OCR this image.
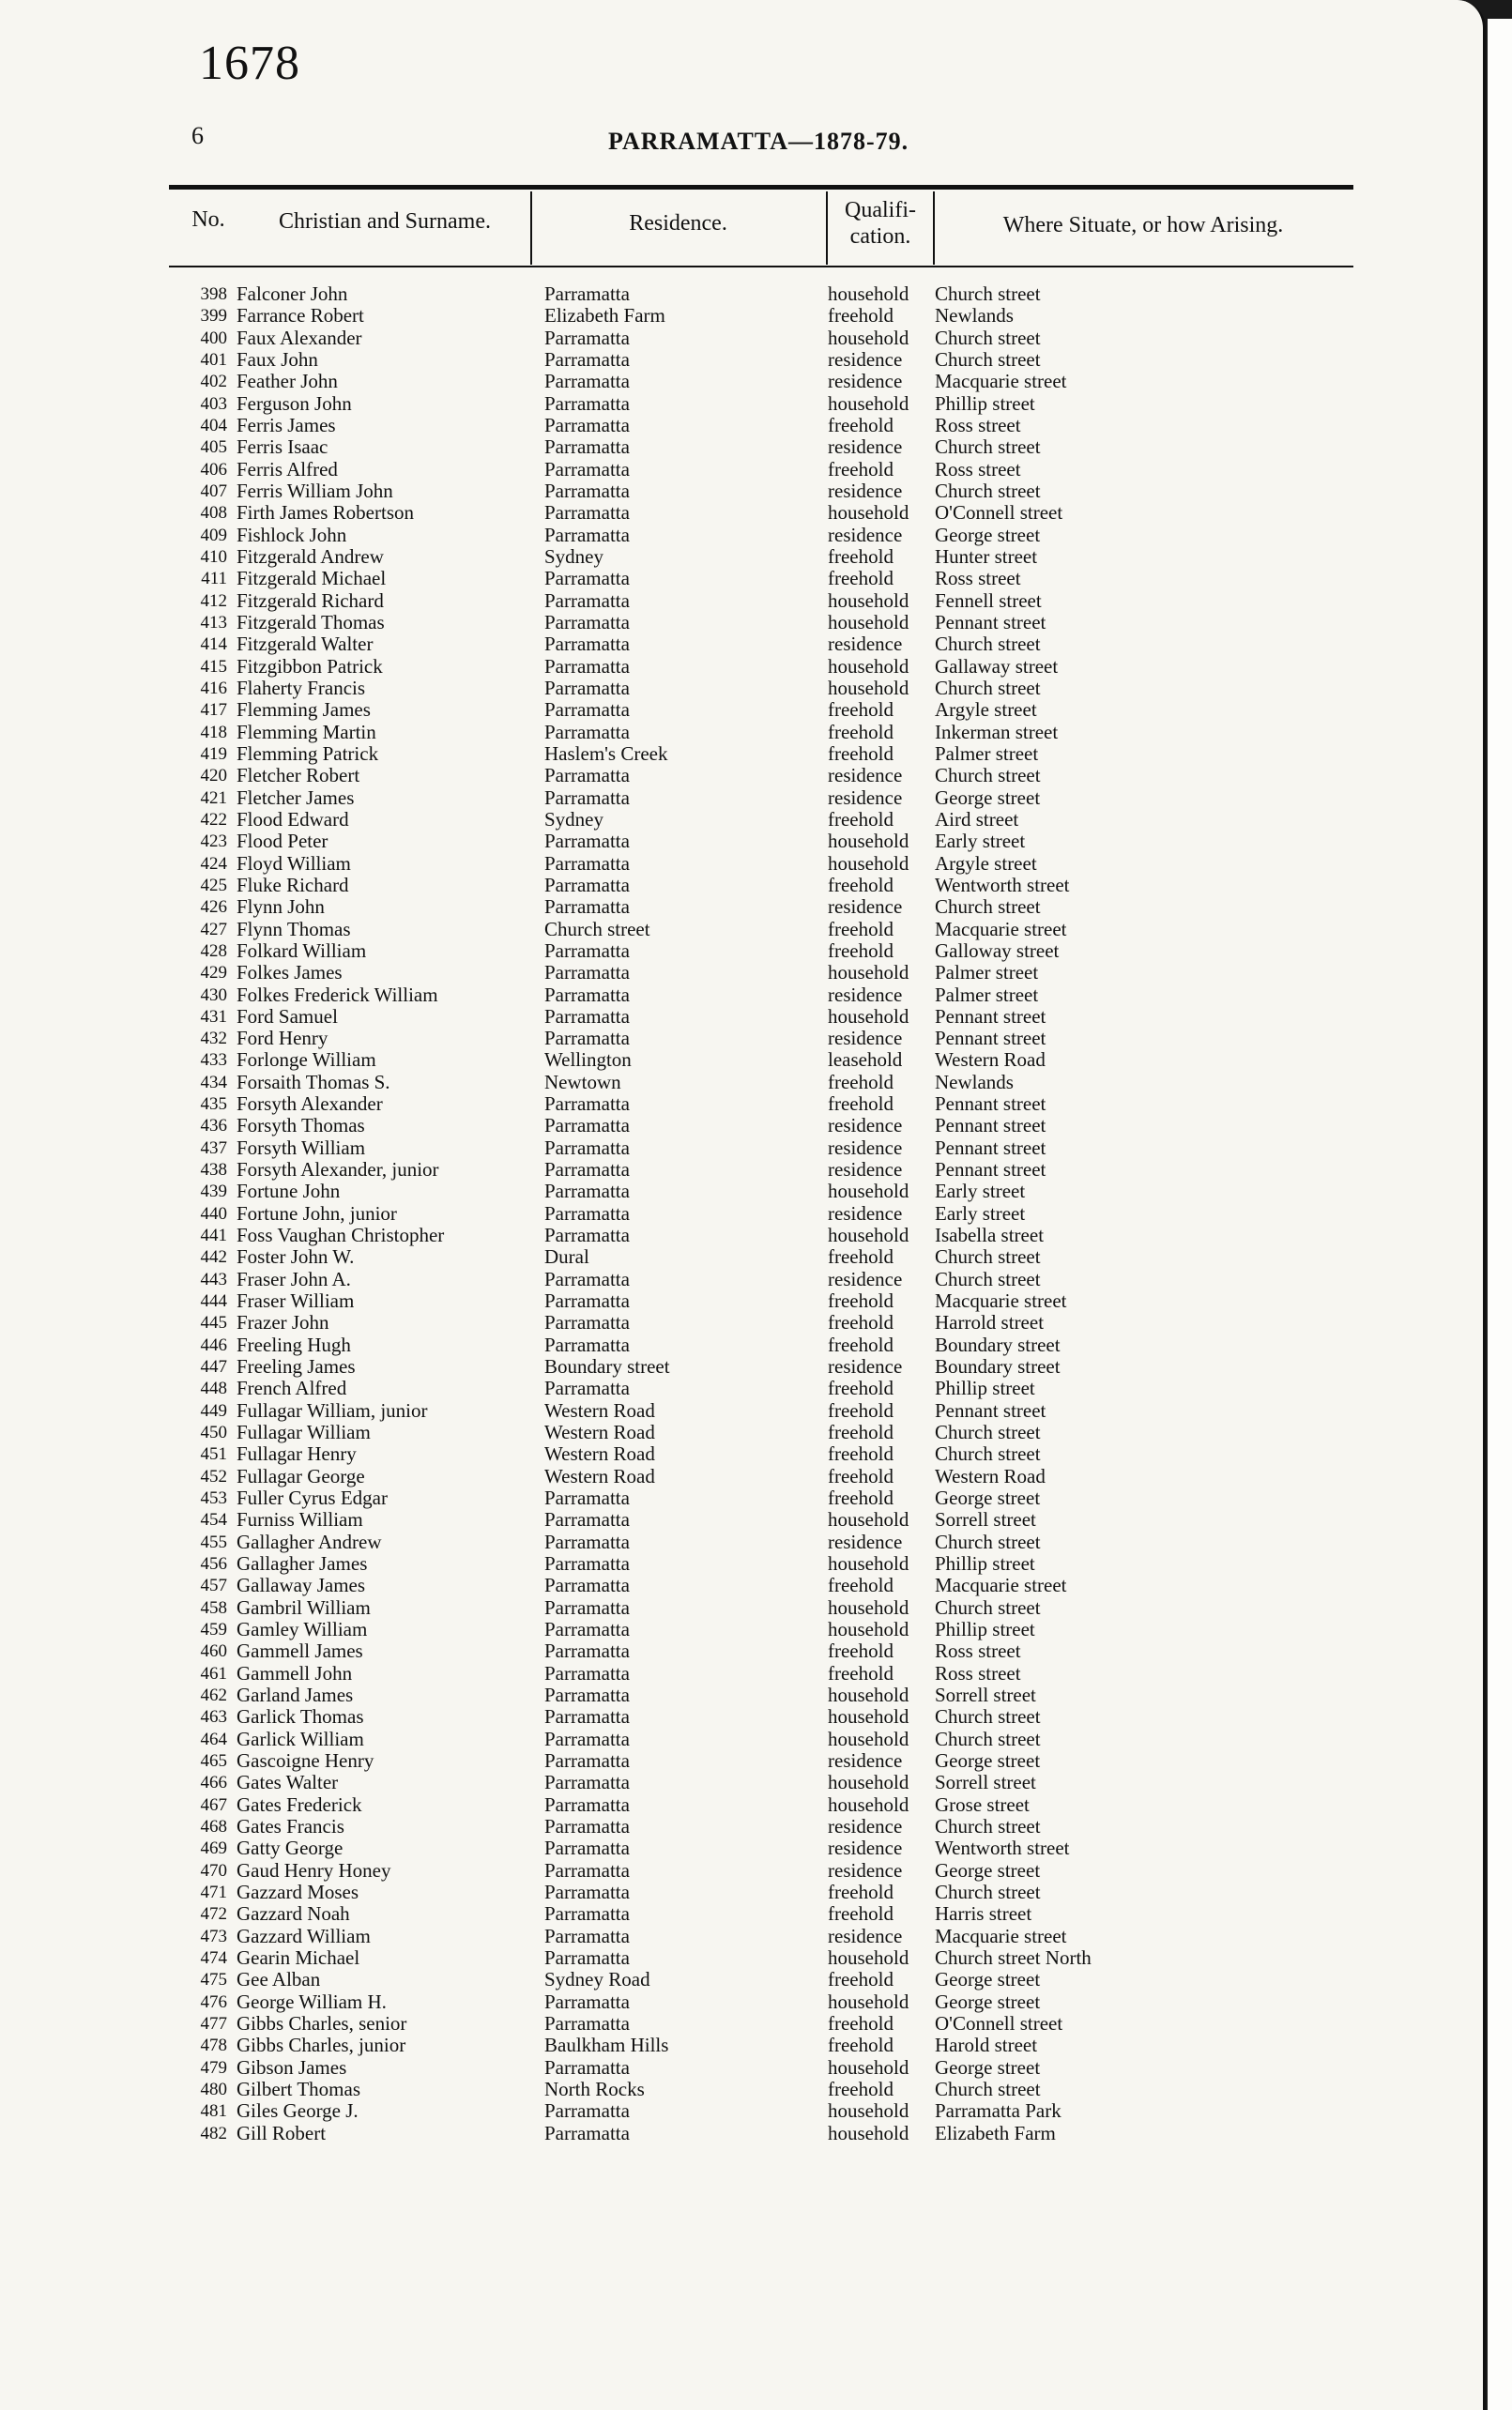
1678
6	PARRAMATTA—1878-79.
No.	Christian and Surname.	Residence.
Qualifi-
cation.	Where Situate, or how Arising.
398 Falconer John	Parramatta	household Church street
399 Farrance Robert	Elizabeth Farm	freehold Newlands
400 Faux Alexander	Parramatta	household Church street
401 Faux John	Parramatta	residence Church street
402 Feather John	Parramatta	residence Macquarie street
403 Ferguson John	Parramatta	household Phillip street
404 Ferris James	Parramatta	freehold Ross street
405 Ferris Isaac	Parramatta	residence Church street
406 Ferris Alfred	Parramatta	freehold Ross street
407 Ferris William John	Parramatta	residence Church street
408 Firth James Robertson	Parramatta	household O'Connell street
409 Fishlock John	Parramatta	residence George street
410 Fitzgerald Andrew	Sydney	freehold Hunter street
411 Fitzgerald Michael	Parramatta	freehold Ross street
412 Fitzgerald Richard	Parramatta	household Fennell street
413 Fitzgerald Thomas	Parramatta	household Pennant street
414 Fitzgerald Walter	Parramatta	residence Church street
415 Fitzgibbon Patrick	Parramatta	household Gallaway street
416 Flaherty Francis	Parramatta	household Church street
417 Flemming James	Parramatta	freehold Argyle street
418 Flemming Martin	Parramatta	freehold Inkerman street
419 Flemming Patrick	Haslem's Creek	freehold Palmer street
420 Fletcher Robert	Parramatta	residence Church street
421 Fletcher James	Parramatta	residence George street
422 Flood Edward	Sydney	freehold Aird street
423 Flood Peter	Parramatta	household Early street
424 Floyd William	Parramatta	household Argyle street
425 Fluke Richard	Parramatta	freehold Wentworth street
426 Flynn John	Parramatta	residence Church street
427 Flynn Thomas	Church street	freehold Macquarie street
428 Folkard William	Parramatta	freehold Galloway street
429 Folkes James	Parramatta	household Palmer street
430 Folkes Frederick William	Parramatta	residence Palmer street
431 Ford Samuel	Parramatta	household Pennant street
432 Ford Henry	Parramatta	residence Pennant street
433 Forlonge William	Wellington	leasehold Western Road
434 Forsaith Thomas S.	Newtown	freehold Newlands
435 Forsyth Alexander	Parramatta	freehold Pennant street
436 Forsyth Thomas	Parramatta	residence Pennant street
437 Forsyth William	Parramatta	residence Pennant street
438 Forsyth Alexander, junior	Parramatta	residence Pennant street
439 Fortune John	Parramatta	household Early street
440 Fortune John, junior	Parramatta	residence Early street
441 Foss Vaughan Christopher	Parramatta	household Isabella street
442 Foster John W.	Dural	freehold Church street
443 Fraser John A.	Parramatta	residence Church street
444 Fraser William	Parramatta	freehold Macquarie street
445 Frazer John	Parramatta	freehold Harrold street
446 Freeling Hugh	Parramatta	freehold Boundary street
447 Freeling James	Boundary street	residence Boundary street
448 French Alfred	Parramatta	freehold Phillip street
449 Fullagar William, junior	Western Road	freehold Pennant street
450 Fullagar William	Western Road	freehold Church street
451 Fullagar Henry	Western Road	freehold Church street
452 Fullagar George	Western Road	freehold Western Road
453 Fuller Cyrus Edgar	Parramatta	freehold George street
454 Furniss William	Parramatta	household Sorrell street
455 Gallagher Andrew	Parramatta	residence Church street
456 Gallagher James	Parramatta	household Phillip street
457 Gallaway James	Parramatta	freehold Macquarie street
458 Gambril William	Parramatta	household Church street
459 Gamley William	Parramatta	household Phillip street
460 Gammell James	Parramatta	freehold Ross street
461 Gammell John	Parramatta	freehold Ross street
462 Garland James	Parramatta	household Sorrell street
463 Garlick Thomas	Parramatta	household Church street
464 Garlick William	Parramatta	household Church street
465 Gascoigne Henry	Parramatta	residence George street
466 Gates Walter	Parramatta	household Sorrell street
467 Gates Frederick	Parramatta	household Grose street
468 Gates Francis	Parramatta	residence Church street
469 Gatty George	Parramatta	residence Wentworth street
470 Gaud Henry Honey	Parramatta	residence George street
471 Gazzard Moses	Parramatta	freehold Church street
472 Gazzard Noah	Parramatta	freehold Harris street
473 Gazzard William	Parramatta	residence Macquarie street
474 Gearin Michael	Parramatta	household Church street North
475 Gee Alban	Sydney Road	freehold George street
476 George William H.	Parramatta	household George street
477 Gibbs Charles, senior	Parramatta	freehold O'Connell street
478 Gibbs Charles, junior	Baulkham Hills	freehold Harold street
479 Gibson James	Parramatta	household George street
480 Gilbert Thomas	North Rocks	freehold Church street
481 Giles George J.	Parramatta	household Parramatta Park
482 Gill Robert	Parramatta	household Elizabeth Farm
